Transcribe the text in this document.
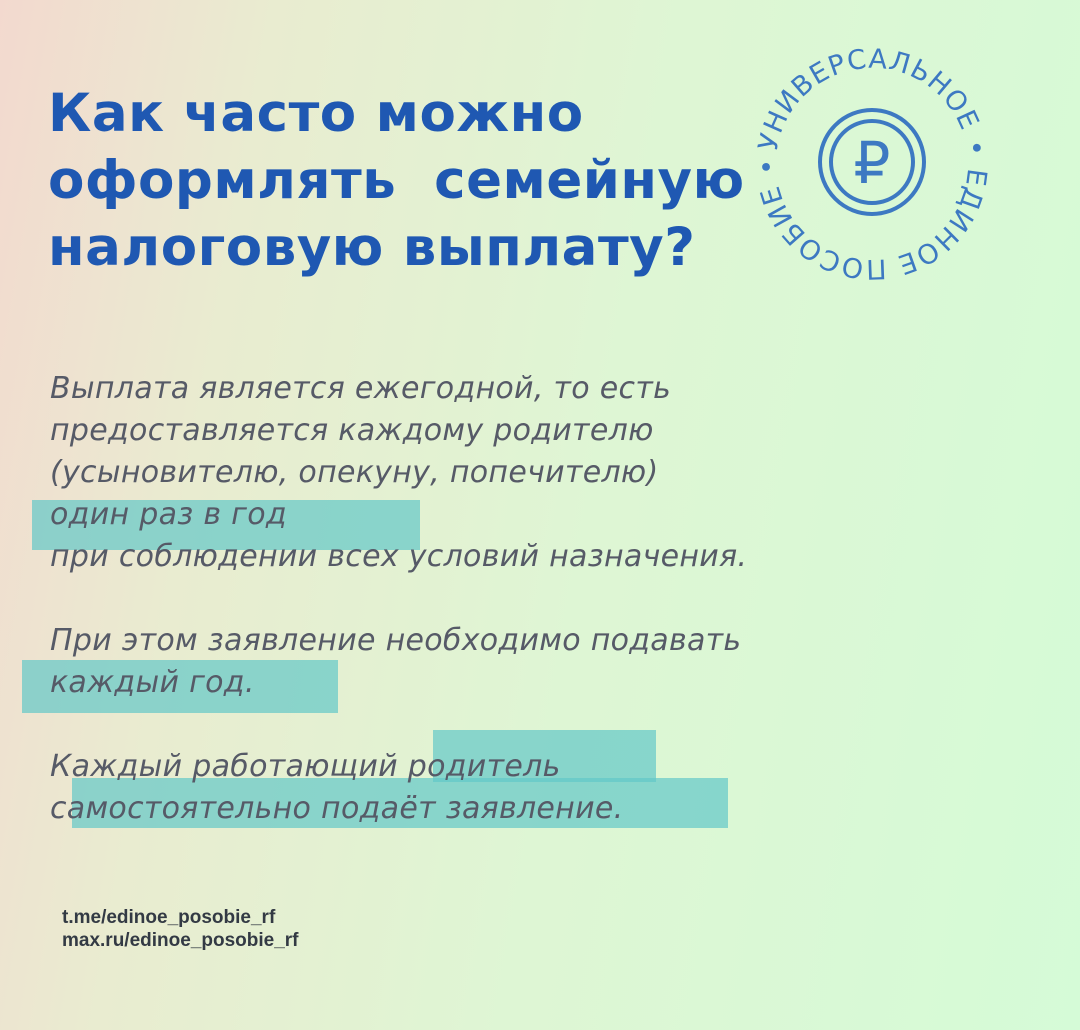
Как часто можно
оформлять  семейную
налоговую выплату?
УНИВЕРСАЛЬНОЕ • ЕДИНОЕ ПОСОБИЕ •	₽
Выплата является ежегодной, то есть
предоставляется каждому родителю
(усыновителю, опекуну, попечителю)
один раз в год
при соблюдении всех условий назначения.
При этом заявление необходимо подавать
каждый год.
Каждый работающий родитель
самостоятельно подаёт заявление.
t.me/edinoe_posobie_rf
max.ru/edinoe_posobie_rf
